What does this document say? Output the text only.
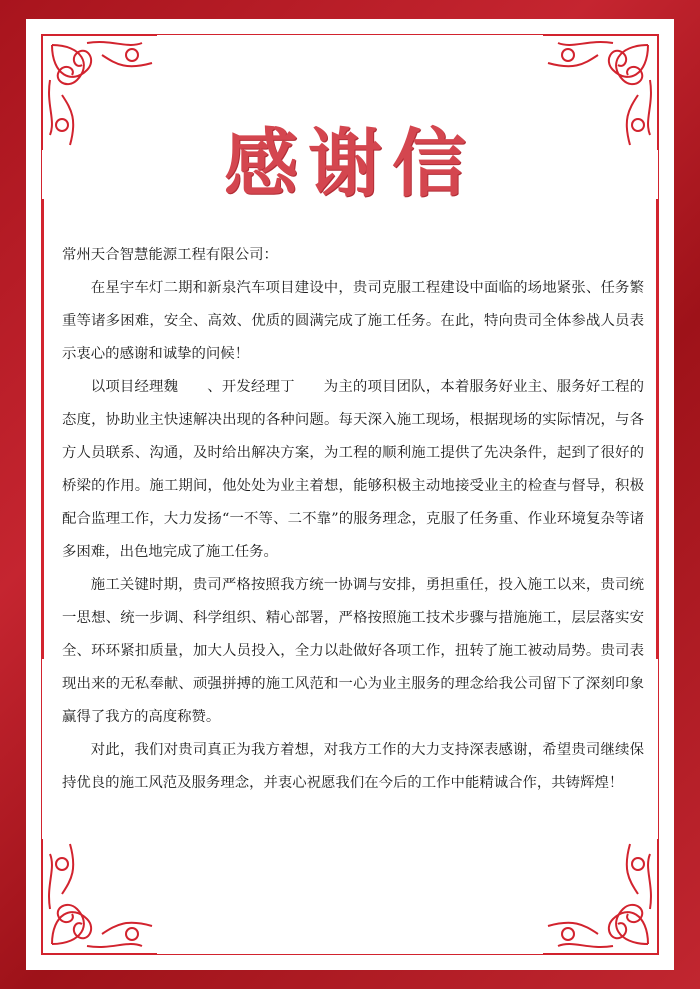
感谢信

常州天合智慧能源工程有限公司：

在星宇车灯二期和新泉汽车项目建设中，贵司克服工程建设中面临的场地紧张、任务繁重等诸多困难，安全、高效、优质的圆满完成了施工任务。在此，特向贵司全体参战人员表示衷心的感谢和诚挚的问候！

以项目经理魏　　、开发经理丁　　为主的项目团队，本着服务好业主、服务好工程的态度，协助业主快速解决出现的各种问题。每天深入施工现场，根据现场的实际情况，与各方人员联系、沟通，及时给出解决方案，为工程的顺利施工提供了先决条件，起到了很好的桥梁的作用。施工期间，他处处为业主着想，能够积极主动地接受业主的检查与督导，积极配合监理工作，大力发扬“一不等、二不靠”的服务理念，克服了任务重、作业环境复杂等诸多困难，出色地完成了施工任务。

施工关键时期，贵司严格按照我方统一协调与安排，勇担重任，投入施工以来，贵司统一思想、统一步调、科学组织、精心部署，严格按照施工技术步骤与措施施工，层层落实安全、环环紧扣质量，加大人员投入，全力以赴做好各项工作，扭转了施工被动局势。贵司表现出来的无私奉献、顽强拼搏的施工风范和一心为业主服务的理念给我公司留下了深刻印象赢得了我方的高度称赞。

对此，我们对贵司真正为我方着想，对我方工作的大力支持深表感谢，希望贵司继续保持优良的施工风范及服务理念，并衷心祝愿我们在今后的工作中能精诚合作，共铸辉煌！
